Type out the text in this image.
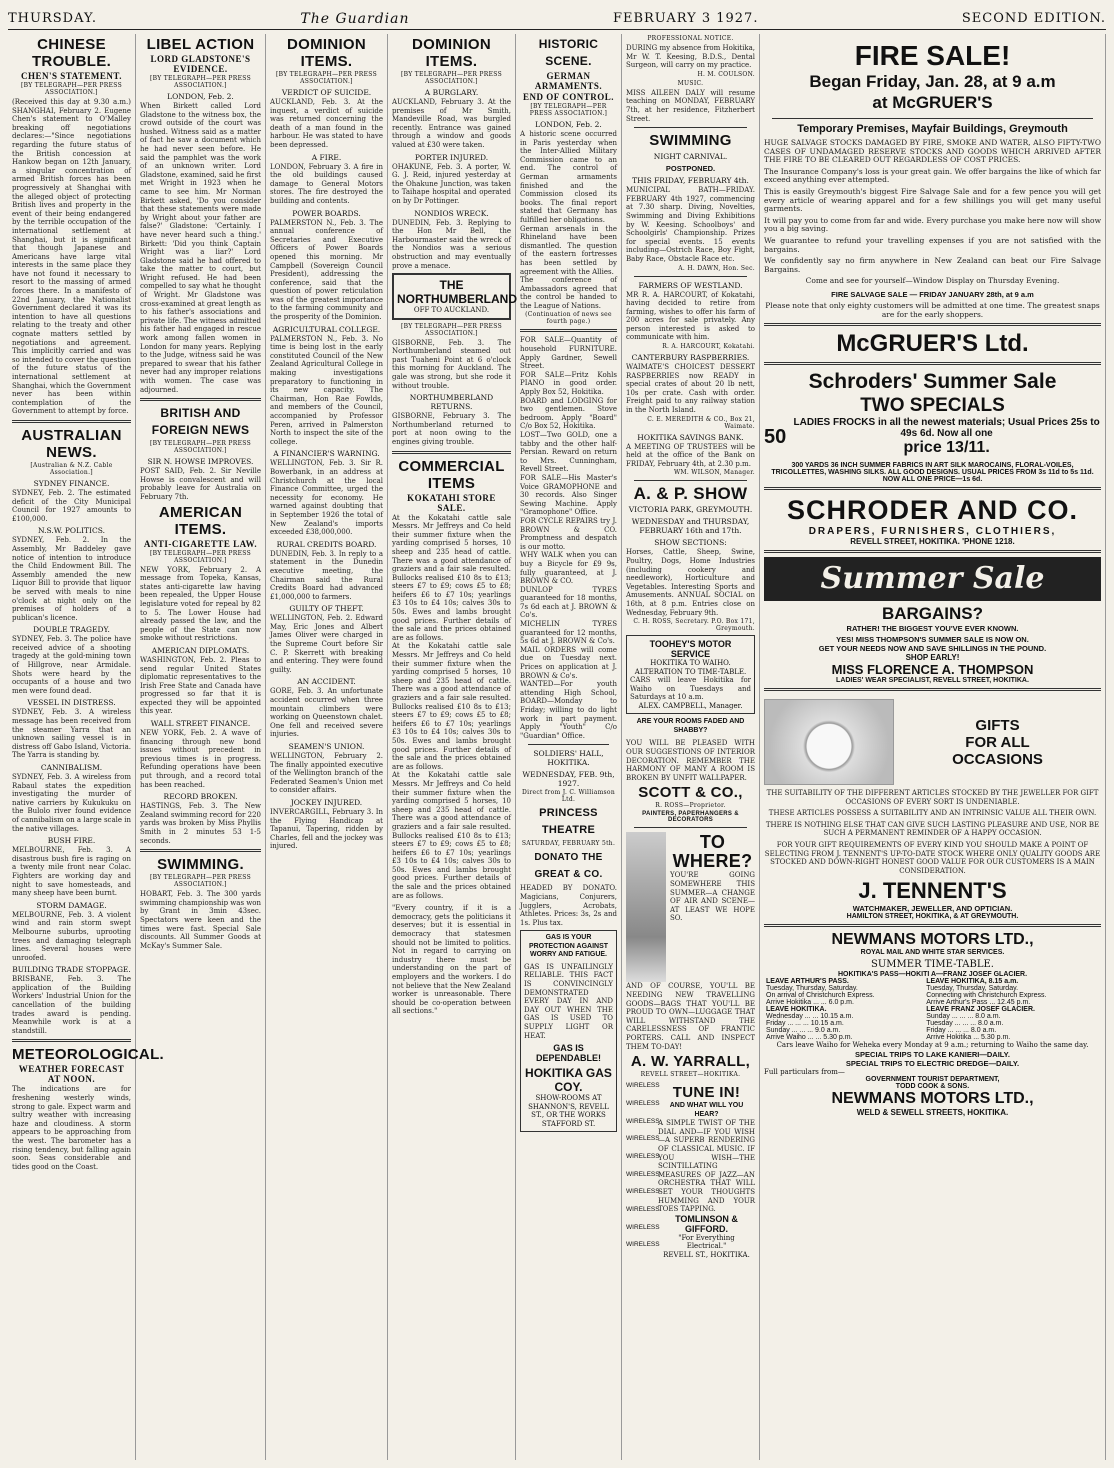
THURSDAY.	The Guardian	FEBRUARY 3 1927.	SECOND EDITION.
CHINESE TROUBLE.
CHEN'S STATEMENT.
[BY TELEGRAPH—PER PRESS ASSOCIATION.]

(Received this day at 9.30 a.m.) SHANGHAI, February 2. Eugene Chen's statement to O'Malley breaking off negotiations declares:—"Since negotiations regarding the future status of the British concession at Hankow began on 12th January, a singular concentration of armed British forces has been progressively at Shanghai with the alleged object of protecting British lives and property in the event of their being endangered by the terrible occupation of the international settlement at Shanghai, but it is significant that though Japanese and Americans have large vital interests in the same place they have not found it necessary to resort to the massing of armed forces there. In a manifesto of 22nd January, the Nationalist Government declared it was its intention to have all questions relating to the treaty and other cognate matters settled by negotiations and agreement. This implicitly carried and was so intended to cover the question of the future status of the international settlement at Shanghai, which the Government never has been within contemplation of the Government to attempt by force.

AUSTRALIAN NEWS.
[Australian & N.Z. Cable Association.]
SYDNEY FINANCE.

SYDNEY, Feb. 2. The estimated deficit of the City Municipal Council for 1927 amounts to £100,000.

N.S.W. POLITICS.

SYDNEY, Feb. 2. In the Assembly, Mr Baddeley gave notice of intention to introduce the Child Endowment Bill. The Assembly amended the new Liquor Bill to provide that liquor be served with meals to nine o'clock at night only on the premises of holders of a publican's licence.

DOUBLE TRAGEDY.

SYDNEY, Feb. 3. The police have received advice of a shooting tragedy at the gold-mining town of Hillgrove, near Armidale. Shots were heard by the occupants of a house and two men were found dead.

VESSEL IN DISTRESS.

SYDNEY, Feb. 3. A wireless message has been received from the steamer Yarra that an unknown sailing vessel is in distress off Gabo Island, Victoria. The Yarra is standing by.

CANNIBALISM.

SYDNEY, Feb. 3. A wireless from Rabaul states the expedition investigating the murder of native carriers by Kukukuku on the Bulolo river found evidence of cannibalism on a large scale in the native villages.

BUSH FIRE.

MELBOURNE, Feb. 3. A disastrous bush fire is raging on a twenty mile front near Colac. Fighters are working day and night to save homesteads, and many sheep have been burnt.

STORM DAMAGE.

MELBOURNE, Feb. 3. A violent wind and rain storm swept Melbourne suburbs, uprooting trees and damaging telegraph lines. Several houses were unroofed.

BUILDING TRADE STOPPAGE.

BRISBANE, Feb. 3. The application of the Building Workers' Industrial Union for the cancellation of the building trades award is pending. Meanwhile work is at a standstill.

METEOROLOGICAL.
WEATHER FORECAST AT NOON.

The indications are for freshening westerly winds, strong to gale. Expect warm and sultry weather with increasing haze and cloudiness. A storm appears to be approaching from the west. The barometer has a rising tendency, but falling again soon. Seas considerable and tides good on the Coast.

LIBEL ACTION
LORD GLADSTONE'S EVIDENCE.
[BY TELEGRAPH—PER PRESS ASSOCIATION.]
LONDON, Feb. 2.

When Birkett called Lord Gladstone to the witness box, the crowd outside of the court was hushed. Witness said as a matter of fact he saw a document which he had never seen before. He said the pamphlet was the work of an unknown writer. Lord Gladstone, examined, said he first met Wright in 1923 when he came to see him. Mr Norman Birkett asked, 'Do you consider that these statements were made by Wright about your father are false?' Gladstone: 'Certainly. I have never heard such a thing.' Birkett: 'Did you think Captain Wright was a liar?' Lord Gladstone said he had offered to take the matter to court, but Wright refused. He had been compelled to say what he thought of Wright. Mr Gladstone was cross-examined at great length as to his father's associations and private life. The witness admitted his father had engaged in rescue work among fallen women in London for many years. Replying to the Judge, witness said he was prepared to swear that his father never had any improper relations with women. The case was adjourned.

BRITISH AND FOREIGN NEWS
[BY TELEGRAPH—PER PRESS ASSOCIATION.]
SIR N. HOWSE IMPROVES.

POST SAID, Feb. 2. Sir Neville Howse is convalescent and will probably leave for Australia on February 7th.

AMERICAN ITEMS.
ANTI-CIGARETTE LAW.
[BY TELEGRAPH—PER PRESS ASSOCIATION.]

NEW YORK, February 2. A message from Topeka, Kansas, states anti-cigarette law having been repealed, the Upper House legislature voted for repeal by 82 to 5. The Lower House had already passed the law, and the people of the State can now smoke without restrictions.

AMERICAN DIPLOMATS.

WASHINGTON, Feb. 2. Pleas to send regular United States diplomatic representatives to the Irish Free State and Canada have progressed so far that it is expected they will be appointed this year.

WALL STREET FINANCE.

NEW YORK, Feb. 2. A wave of financing through new bond issues without precedent in previous times is in progress. Refunding operations have been put through, and a record total has been reached.

RECORD BROKEN.

HASTINGS, Feb. 3. The New Zealand swimming record for 220 yards was broken by Miss Phyllis Smith in 2 minutes 53 1-5 seconds.

SWIMMING.
[BY TELEGRAPH—PER PRESS ASSOCIATION.]

HOBART, Feb. 3. The 300 yards swimming championship was won by Grant in 3min 43sec. Spectators were keen and the times were fast. Special Sale discounts. All Summer Goods at McKay's Summer Sale.

DOMINION ITEMS.
[BY TELEGRAPH—PER PRESS ASSOCIATION.]
VERDICT OF SUICIDE.

AUCKLAND, Feb. 3. At the inquest, a verdict of suicide was returned concerning the death of a man found in the harbour. He was stated to have been depressed.

A FIRE.

LONDON, February 3. A fire in the old buildings caused damage to General Motors stores. The fire destroyed the building and contents.

POWER BOARDS.

PALMERSTON N., Feb. 3. The annual conference of Secretaries and Executive Officers of Power Boards opened this morning. Mr Campbell (Sovereign Council President), addressing the conference, said that the question of power reticulation was of the greatest importance to the farming community and the prosperity of the Dominion.

AGRICULTURAL COLLEGE.

PALMERSTON N., Feb. 3. No time is being lost in the early constituted Council of the New Zealand Agricultural College in making investigations preparatory to functioning in its new capacity. The Chairman, Hon Rae Fowlds, and members of the Council, accompanied by Professor Peren, arrived in Palmerston North to inspect the site of the college.

A FINANCIER'S WARNING.

WELLINGTON, Feb. 3. Sir R. Bowerbank, in an address at Christchurch at the local Finance Committee, urged the necessity for economy. He warned against doubting that in September 1926 the total of New Zealand's imports exceeded £38,000,000.

RURAL CREDITS BOARD.

DUNEDIN, Feb. 3. In reply to a statement in the Dunedin executive meeting, the Chairman said the Rural Credits Board had advanced £1,000,000 to farmers.

GUILTY OF THEFT.

WELLINGTON, Feb. 2. Edward May, Eric Jones and Albert James Oliver were charged in the Supreme Court before Sir C. P. Skerrett with breaking and entering. They were found guilty.

AN ACCIDENT.

GORE, Feb. 3. An unfortunate accident occurred when three mountain climbers were working on Queenstown chalet. One fell and received severe injuries.

SEAMEN'S UNION.

WELLINGTON, February 2. The finally appointed executive of the Wellington branch of the Federated Seamen's Union met to consider affairs.

JOCKEY INJURED.

INVERCARGILL, February 3. In the Flying Handicap at Tapanui, Tapering, ridden by Charles, fell and the jockey was injured.

DOMINION ITEMS.
[BY TELEGRAPH—PER PRESS ASSOCIATION.]
A BURGLARY.

AUCKLAND, February 3. At the premises of Mr Smith, Mandeville Road, was burgled recently. Entrance was gained through a window and goods valued at £30 were taken.

PORTER INJURED.

OHAKUNE, Feb. 3. A porter, W. G. J. Reid, injured yesterday at the Ohakune Junction, was taken to Taihape hospital and operated on by Dr Pottinger.

NONDIOS WRECK.

DUNEDIN, Feb. 3. Replying to the Hon Mr Bell, the Harbourmaster said the wreck of the Nondios was a serious obstruction and may eventually prove a menace.

THE NORTHUMBERLAND
OFF TO AUCKLAND.
[BY TELEGRAPH—PER PRESS ASSOCIATION.]

GISBORNE, Feb. 3. The Northumberland steamed out past Tuaheni Point at 6 o'clock this morning for Auckland. The gale was strong, but she rode it without trouble.

NORTHUMBERLAND RETURNS.

GISBORNE, February 3. The Northumberland returned to port at noon owing to the engines giving trouble.

COMMERCIAL ITEMS
KOKATAHI STORE SALE.

At the Kokatahi cattle sale Messrs. Mr Jeffreys and Co held their summer fixture when the yarding comprised 5 horses, 10 sheep and 235 head of cattle. There was a good attendance of graziers and a fair sale resulted. Bullocks realised £10 8s to £13; steers £7 to £9; cows £5 to £8; heifers £6 to £7 10s; yearlings £3 10s to £4 10s; calves 30s to 50s. Ewes and lambs brought good prices. Further details of the sale and the prices obtained are as follows.

At the Kokatahi cattle sale Messrs. Mr Jeffreys and Co held their summer fixture when the yarding comprised 5 horses, 10 sheep and 235 head of cattle. There was a good attendance of graziers and a fair sale resulted. Bullocks realised £10 8s to £13; steers £7 to £9; cows £5 to £8; heifers £6 to £7 10s; yearlings £3 10s to £4 10s; calves 30s to 50s. Ewes and lambs brought good prices. Further details of the sale and the prices obtained are as follows.

At the Kokatahi cattle sale Messrs. Mr Jeffreys and Co held their summer fixture when the yarding comprised 5 horses, 10 sheep and 235 head of cattle. There was a good attendance of graziers and a fair sale resulted. Bullocks realised £10 8s to £13; steers £7 to £9; cows £5 to £8; heifers £6 to £7 10s; yearlings £3 10s to £4 10s; calves 30s to 50s. Ewes and lambs brought good prices. Further details of the sale and the prices obtained are as follows.

"Every country, if it is a democracy, gets the politicians it deserves; but it is essential in democracy that statesmen should not be limited to politics. Not in regard to carrying on industry there must be understanding on the part of employers and the workers. I do not believe that the New Zealand worker is unreasonable. There should be co-operation between all sections."

HISTORIC SCENE.
GERMAN ARMAMENTS.
END OF CONTROL.
[BY TELEGRAPH—PER PRESS ASSOCIATION.]
LONDON, Feb. 2.

A historic scene occurred in Paris yesterday when the Inter-Allied Military Commission came to an end. The control of German armaments finished and the Commission closed its books. The final report stated that Germany has fulfilled her obligations.

German arsenals in the Rhineland have been dismantled. The question of the eastern fortresses has been settled by agreement with the Allies.

The conference of Ambassadors agreed that the control be handed to the League of Nations.

(Continuation of news see fourth page.)

FOR SALE—Quantity of household FURNITURE. Apply Gardner, Sewell Street.

FOR SALE—Fritz Kohls PIANO in good order. Apply Box 52, Hokitika.

BOARD and LODGING for two gentlemen. Stove bedroom. Apply "Board" C/o Box 52, Hokitika.

LOST—Two GOLD, one a tabby and the other half-Persian. Reward on return to Mrs. Cunningham, Revell Street.

FOR SALE—His Master's Voice GRAMOPHONE and 30 records. Also Singer Sewing Machine. Apply "Gramophone" Office.

FOR CYCLE REPAIRS try J. BROWN & CO. Promptness and despatch is our motto.

WHY WALK when you can buy a Bicycle for £9 9s, fully guaranteed, at J. BROWN & CO.

DUNLOP TYRES guaranteed for 18 months, 7s 6d each at J. BROWN & Co's.

MICHELIN TYRES guaranteed for 12 months, 5s 6d at J. BROWN & Co's.

MAIL ORDERS will come due on Tuesday next. Prices on application at J. BROWN & Co's.

WANTED—For youth attending High School, BOARD—Monday to Friday; willing to do light work in part payment. Apply "Youth" C/o "Guardian" Office.

SOLDIERS' HALL, HOKITIKA.
WEDNESDAY, FEB. 9th, 1927.
Direct from J. C. Williamson Ltd.
PRINCESS THEATRE
SATURDAY, FEBRUARY 5th.
DONATO THE GREAT & CO.

HEADED BY DONATO. Magicians, Conjurers, Jugglers, Acrobats, Athletes. Prices: 3s, 2s and 1s. Plus tax.

GAS IS YOUR PROTECTION AGAINST WORRY AND FATIGUE.

GAS IS UNFAILINGLY RELIABLE. THIS FACT IS CONVINCINGLY DEMONSTRATED EVERY DAY IN AND DAY OUT WHEN THE GAS IS USED TO SUPPLY LIGHT OR HEAT.

GAS IS DEPENDABLE!
HOKITIKA GAS COY.
SHOW-ROOMS AT SHANNON'S, REVELL ST., OR THE WORKS STAFFORD ST.
PROFESSIONAL NOTICE.

DURING my absence from Hokitika, Mr W. T. Keesing, B.D.S., Dental Surgeon, will carry on my practice.

H. M. COULSON.
MUSIC.

MISS AILEEN DALY will resume teaching on MONDAY, FEBRUARY 7th, at her residence, Fitzherbert Street.

SWIMMING
NIGHT CARNIVAL.
POSTPONED.
THIS FRIDAY, FEBRUARY 4th.

MUNICIPAL BATH—FRIDAY. FEBRUARY 4th 1927, commencing at 7.30 sharp. Diving, Novelties, Swimming and Diving Exhibitions by W. Keesing. Schoolboys' and Schoolgirls' Championship. Prizes for special events. 15 events including—Ostrich Race, Boy Fight, Baby Race, Obstacle Race etc.

A. H. DAWN, Hon. Sec.
FARMERS OF WESTLAND.

MR R. A. HARCOURT, of Kokatahi, having decided to retire from farming, wishes to offer his farm of 200 acres for sale privately. Any person interested is asked to communicate with him.

R. A. HARCOURT, Kokatahi.
CANTERBURY RASPBERRIES.

WAIMATE'S CHOICEST DESSERT RASPBERRIES now READY in special crates of about 20 lb nett, 10s per crate. Cash with order. Freight paid to any railway station in the North Island.

C. E. MEREDITH & CO., Box 21, Waimate.
HOKITIKA SAVINGS BANK.

A MEETING OF TRUSTEES will be held at the office of the Bank on FRIDAY, February 4th, at 2.30 p.m.

WM. WILSON, Manager.
A. & P. SHOW
VICTORIA PARK, GREYMOUTH.
WEDNESDAY and THURSDAY, FEBRUARY 16th and 17th.
SHOW SECTIONS:

Horses, Cattle, Sheep, Swine, Poultry, Dogs, Home Industries (including cookery and needlework), Horticulture and Vegetables. Interesting Sports and Amusements. ANNUAL SOCIAL on 16th, at 8 p.m. Entries close on Wednesday, February 9th.

C. H. ROSS, Secretary. P.O. Box 171, Greymouth.
TOOHEY'S MOTOR SERVICE
HOKITIKA TO WAIHO.
ALTERATION TO TIME-TABLE.

CARS will leave Hokitika for Waiho on Tuesdays and Saturdays at 10 a.m.

ALEX. CAMPBELL, Manager.
ARE YOUR ROOMS FADED AND SHABBY?

YOU WILL BE PLEASED WITH OUR SUGGESTIONS OF INTERIOR DECORATION. REMEMBER THE HARMONY OF MANY A ROOM IS BROKEN BY UNFIT WALLPAPER.

SCOTT & CO.,
R. ROSS—Proprietor.
PAINTERS, PAPERHANGERS & DECORATORS
TO
WHERE?

YOU'RE GOING SOMEWHERE THIS SUMMER—A CHANGE OF AIR AND SCENE—AT LEAST WE HOPE SO.

AND OF COURSE, YOU'LL BE NEEDING NEW TRAVELLING GOODS—BAGS THAT YOU'LL BE PROUD TO OWN—LUGGAGE THAT WILL WITHSTAND THE CARELESSNESS OF FRANTIC PORTERS. CALL AND INSPECT THEM TO-DAY!

A. W. YARRALL,
REVELL STREET—HOKITIKA.
WIRELESS
WIRELESS
WIRELESS
WIRELESS
WIRELESS
WIRELESS
WIRELESS
WIRELESS
WIRELESS
WIRELESS
TUNE IN!
AND WHAT WILL YOU HEAR?

A SIMPLE TWIST OF THE DIAL AND—IF YOU WISH—A SUPERB RENDERING OF CLASSICAL MUSIC. IF YOU WISH—THE SCINTILLATING MEASURES OF JAZZ—AN ORCHESTRA THAT WILL SET YOUR THOUGHTS HUMMING AND YOUR TOES TAPPING.

TOMLINSON & GIFFORD.
"For Everything Electrical."
REVELL ST., HOKITIKA.
FIRE SALE!
Began Friday, Jan. 28, at 9 a.m
at McGRUER'S
Temporary Premises, Mayfair Buildings, Greymouth

HUGE SALVAGE STOCKS DAMAGED BY FIRE, SMOKE AND WATER, ALSO FIFTY-TWO CASES OF UNDAMAGED RESERVE STOCKS AND GOODS WHICH ARRIVED AFTER THE FIRE TO BE CLEARED OUT REGARDLESS OF COST PRICES.

The Insurance Company's loss is your great gain. We offer bargains the like of which far exceed anything ever attempted.

This is easily Greymouth's biggest Fire Salvage Sale and for a few pence you will get every article of wearing apparel and for a few shillings you will get many useful garments.

It will pay you to come from far and wide. Every purchase you make here now will show you a big saving.

We guarantee to refund your travelling expenses if you are not satisfied with the bargains.

We confidently say no firm anywhere in New Zealand can beat our Fire Salvage Bargains.

Come and see for yourself—Window Display on Thursday Evening.

FIRE SALVAGE SALE — FRIDAY JANUARY 28th, at 9 a.m

Please note that only eighty customers will be admitted at one time. The greatest snaps are for the early shoppers.

McGRUER'S Ltd.
Schroders' Summer Sale
TWO SPECIALS
50
LADIES FROCKS in all the newest materials; Usual Prices 25s to 49s 6d. Now all one
price 13/11.
300 YARDS 36 INCH SUMMER FABRICS IN ART SILK MAROCAINS, FLORAL-VOILES, TRICOLLETTES, WASHING SILKS. ALL GOOD DESIGNS. USUAL PRICES FROM 3s 11d to 5s 11d.
NOW ALL ONE PRICE—1s 6d.
SCHRODER AND CO.
DRAPERS, FURNISHERS, CLOTHIERS,
REVELL STREET, HOKITIKA. 'PHONE 1218.
Summer Sale
BARGAINS?
RATHER! THE BIGGEST YOU'VE EVER KNOWN.
YES! MISS THOMPSON'S SUMMER SALE IS NOW ON.
GET YOUR NEEDS NOW AND SAVE SHILLINGS IN THE POUND.
SHOP EARLY!
MISS FLORENCE A. THOMPSON
LADIES' WEAR SPECIALIST, REVELL STREET, HOKITIKA.
GIFTS
FOR ALL
OCCASIONS

THE SUITABILITY OF THE DIFFERENT ARTICLES STOCKED BY THE JEWELLER FOR GIFT OCCASIONS OF EVERY SORT IS UNDENIABLE.

THESE ARTICLES POSSESS A SUITABILITY AND AN INTRINSIC VALUE ALL THEIR OWN.

THERE IS NOTHING ELSE THAT CAN GIVE SUCH LASTING PLEASURE AND USE, NOR BE SUCH A PERMANENT REMINDER OF A HAPPY OCCASION.

FOR YOUR GIFT REQUIREMENTS OF EVERY KIND YOU SHOULD MAKE A POINT OF SELECTING FROM J. TENNENT'S UP-TO-DATE STOCK WHERE ONLY QUALITY GOODS ARE STOCKED AND DOWN-RIGHT HONEST GOOD VALUE FOR OUR CUSTOMERS IS A MAIN CONSIDERATION.

J. TENNENT'S
WATCHMAKER, JEWELLER, AND OPTICIAN.
HAMILTON STREET, HOKITIKA, & AT GREYMOUTH.
NEWMANS MOTORS LTD.,
ROYAL MAIL AND WHITE STAR SERVICES.
SUMMER TIME-TABLE.
HOKITIKA'S PASS—HOKITI A—FRANZ JOSEF GLACIER.
LEAVE ARTHUR'S PASS.	LEAVE HOKITIKA, 8.15 a.m.
Tuesday, Thursday, Saturday.	Tuesday, Thursday, Saturday.
On arrival of Christchurch Express.	Connecting with Christchurch Express.
Arrive Hokitika ... ... 6.0 p.m.	Arrive Arthur's Pass ... 12.45 p.m.
LEAVE HOKITIKA.	LEAVE FRANZ JOSEF GLACIER.
Wednesday ... ... 10.15 a.m.	Sunday ... ... ... 8.0 a.m.
Friday ... ... ... 10.15 a.m.	Tuesday ... ... ... 8.0 a.m.
Sunday ... ... ... 9.0 a.m.	Friday ... ... ... 8.0 a.m.
Arrive Waiho ... ... 5.30 p.m.	Arrive Hokitika ... 5.30 p.m.
Cars leave Waiho for Weheka every Monday at 9 a.m.; returning to Waiho the same day.
SPECIAL TRIPS TO LAKE KANIERI—DAILY.
SPECIAL TRIPS TO ELECTRIC DREDGE—DAILY.
Full particulars from—
GOVERNMENT TOURIST DEPARTMENT,
TODD COOK & SONS.
NEWMANS MOTORS LTD.,
WELD & SEWELL STREETS, HOKITIKA.
